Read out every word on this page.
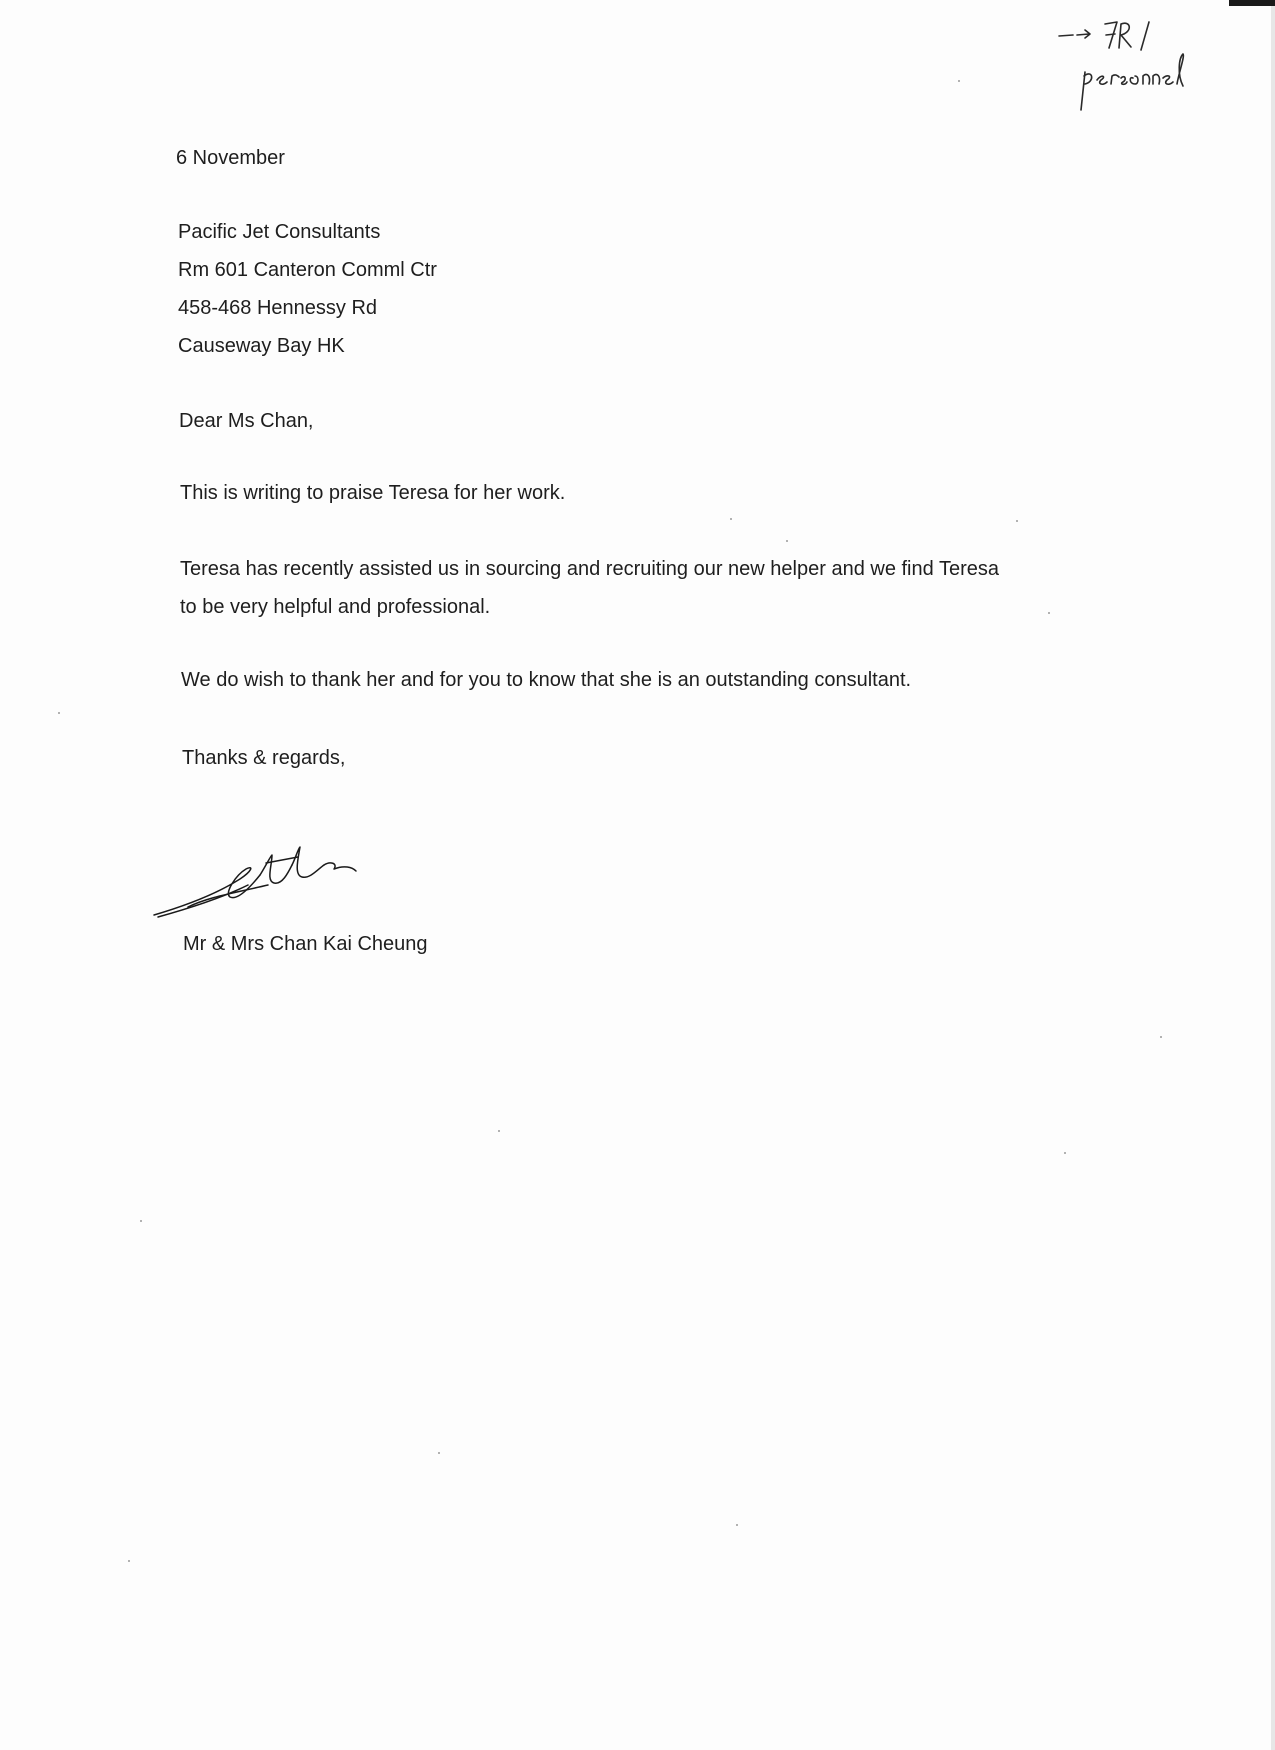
6 November
Pacific Jet Consultants
Rm 601 Canteron Comml Ctr
458-468 Hennessy Rd
Causeway Bay HK
Dear Ms Chan,
This is writing to praise Teresa for her work.
Teresa has recently assisted us in sourcing and recruiting our new helper and we find Teresa
to be very helpful and professional.
We do wish to thank her and for you to know that she is an outstanding consultant.
Thanks & regards,
Mr & Mrs Chan Kai Cheung
